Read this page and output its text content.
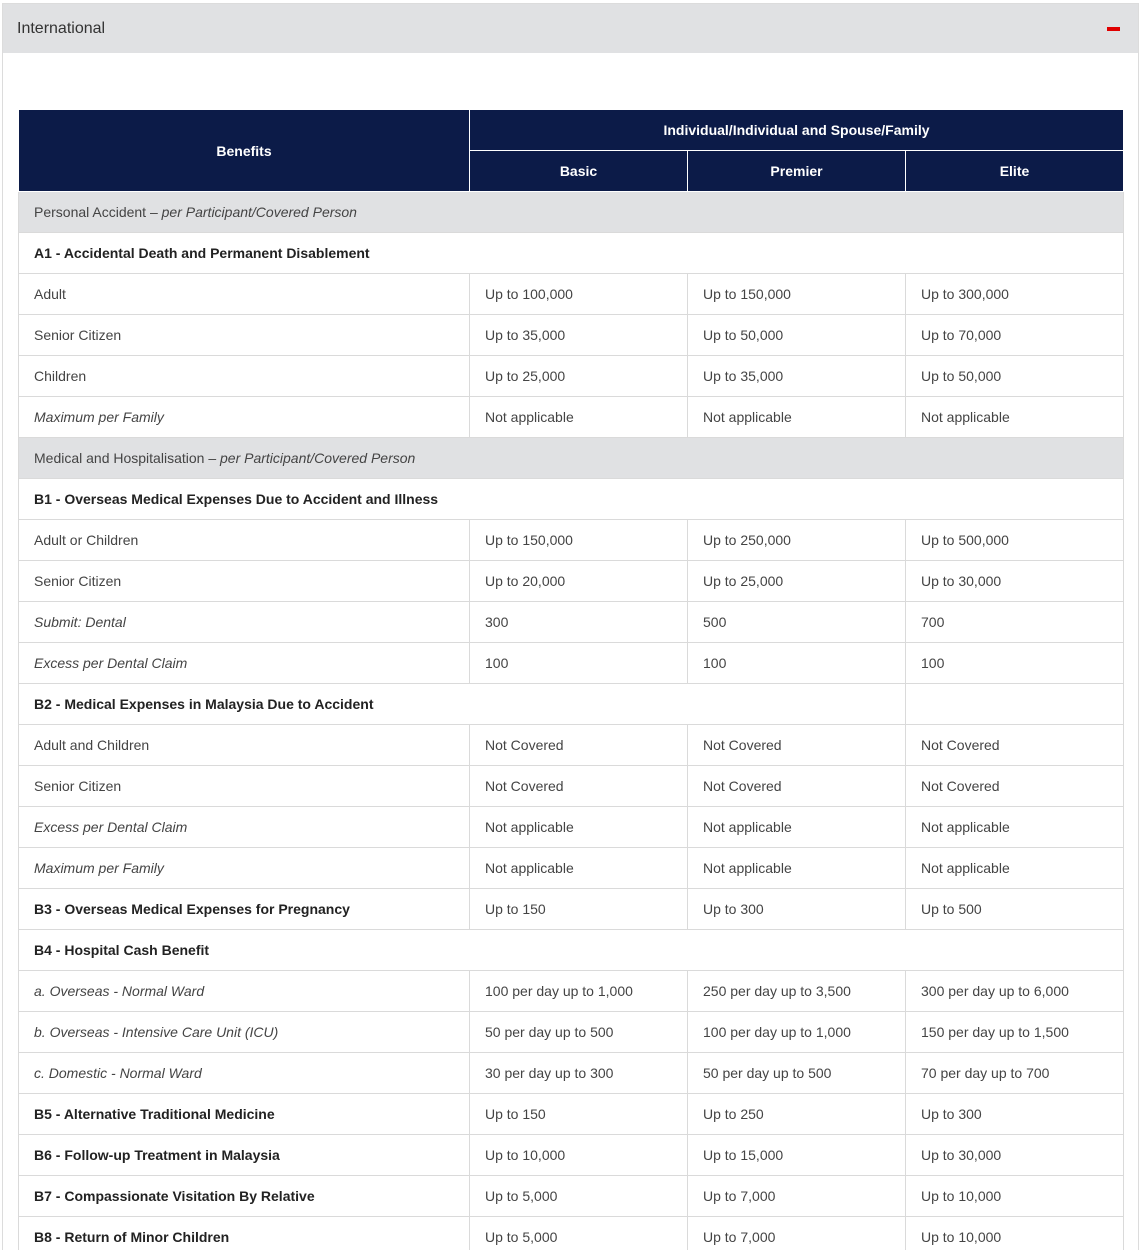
International
Benefits	Individual/Individual and Spouse/Family		
	Basic	Premier	Elite
Personal Accident – per Participant/Covered Person			
A1 - Accidental Death and Permanent Disablement			
Adult	Up to 100,000	Up to 150,000	Up to 300,000
Senior Citizen	Up to 35,000	Up to 50,000	Up to 70,000
Children	Up to 25,000	Up to 35,000	Up to 50,000
Maximum per Family	Not applicable	Not applicable	Not applicable
Medical and Hospitalisation – per Participant/Covered Person			
B1 - Overseas Medical Expenses Due to Accident and Illness			
Adult or Children	Up to 150,000	Up to 250,000	Up to 500,000
Senior Citizen	Up to 20,000	Up to 25,000	Up to 30,000
Submit: Dental	300	500	700
Excess per Dental Claim	100	100	100
B2 - Medical Expenses in Malaysia Due to Accident			
Adult and Children	Not Covered	Not Covered	Not Covered
Senior Citizen	Not Covered	Not Covered	Not Covered
Excess per Dental Claim	Not applicable	Not applicable	Not applicable
Maximum per Family	Not applicable	Not applicable	Not applicable
B3 - Overseas Medical Expenses for Pregnancy	Up to 150	Up to 300	Up to 500
B4 - Hospital Cash Benefit			
a. Overseas - Normal Ward	100 per day up to 1,000	250 per day up to 3,500	300 per day up to 6,000
b. Overseas - Intensive Care Unit (ICU)	50 per day up to 500	100 per day up to 1,000	150 per day up to 1,500
c. Domestic - Normal Ward	30 per day up to 300	50 per day up to 500	70 per day up to 700
B5 - Alternative Traditional Medicine	Up to 150	Up to 250	Up to 300
B6 - Follow-up Treatment in Malaysia	Up to 10,000	Up to 15,000	Up to 30,000
B7 - Compassionate Visitation By Relative	Up to 5,000	Up to 7,000	Up to 10,000
B8 - Return of Minor Children	Up to 5,000	Up to 7,000	Up to 10,000
